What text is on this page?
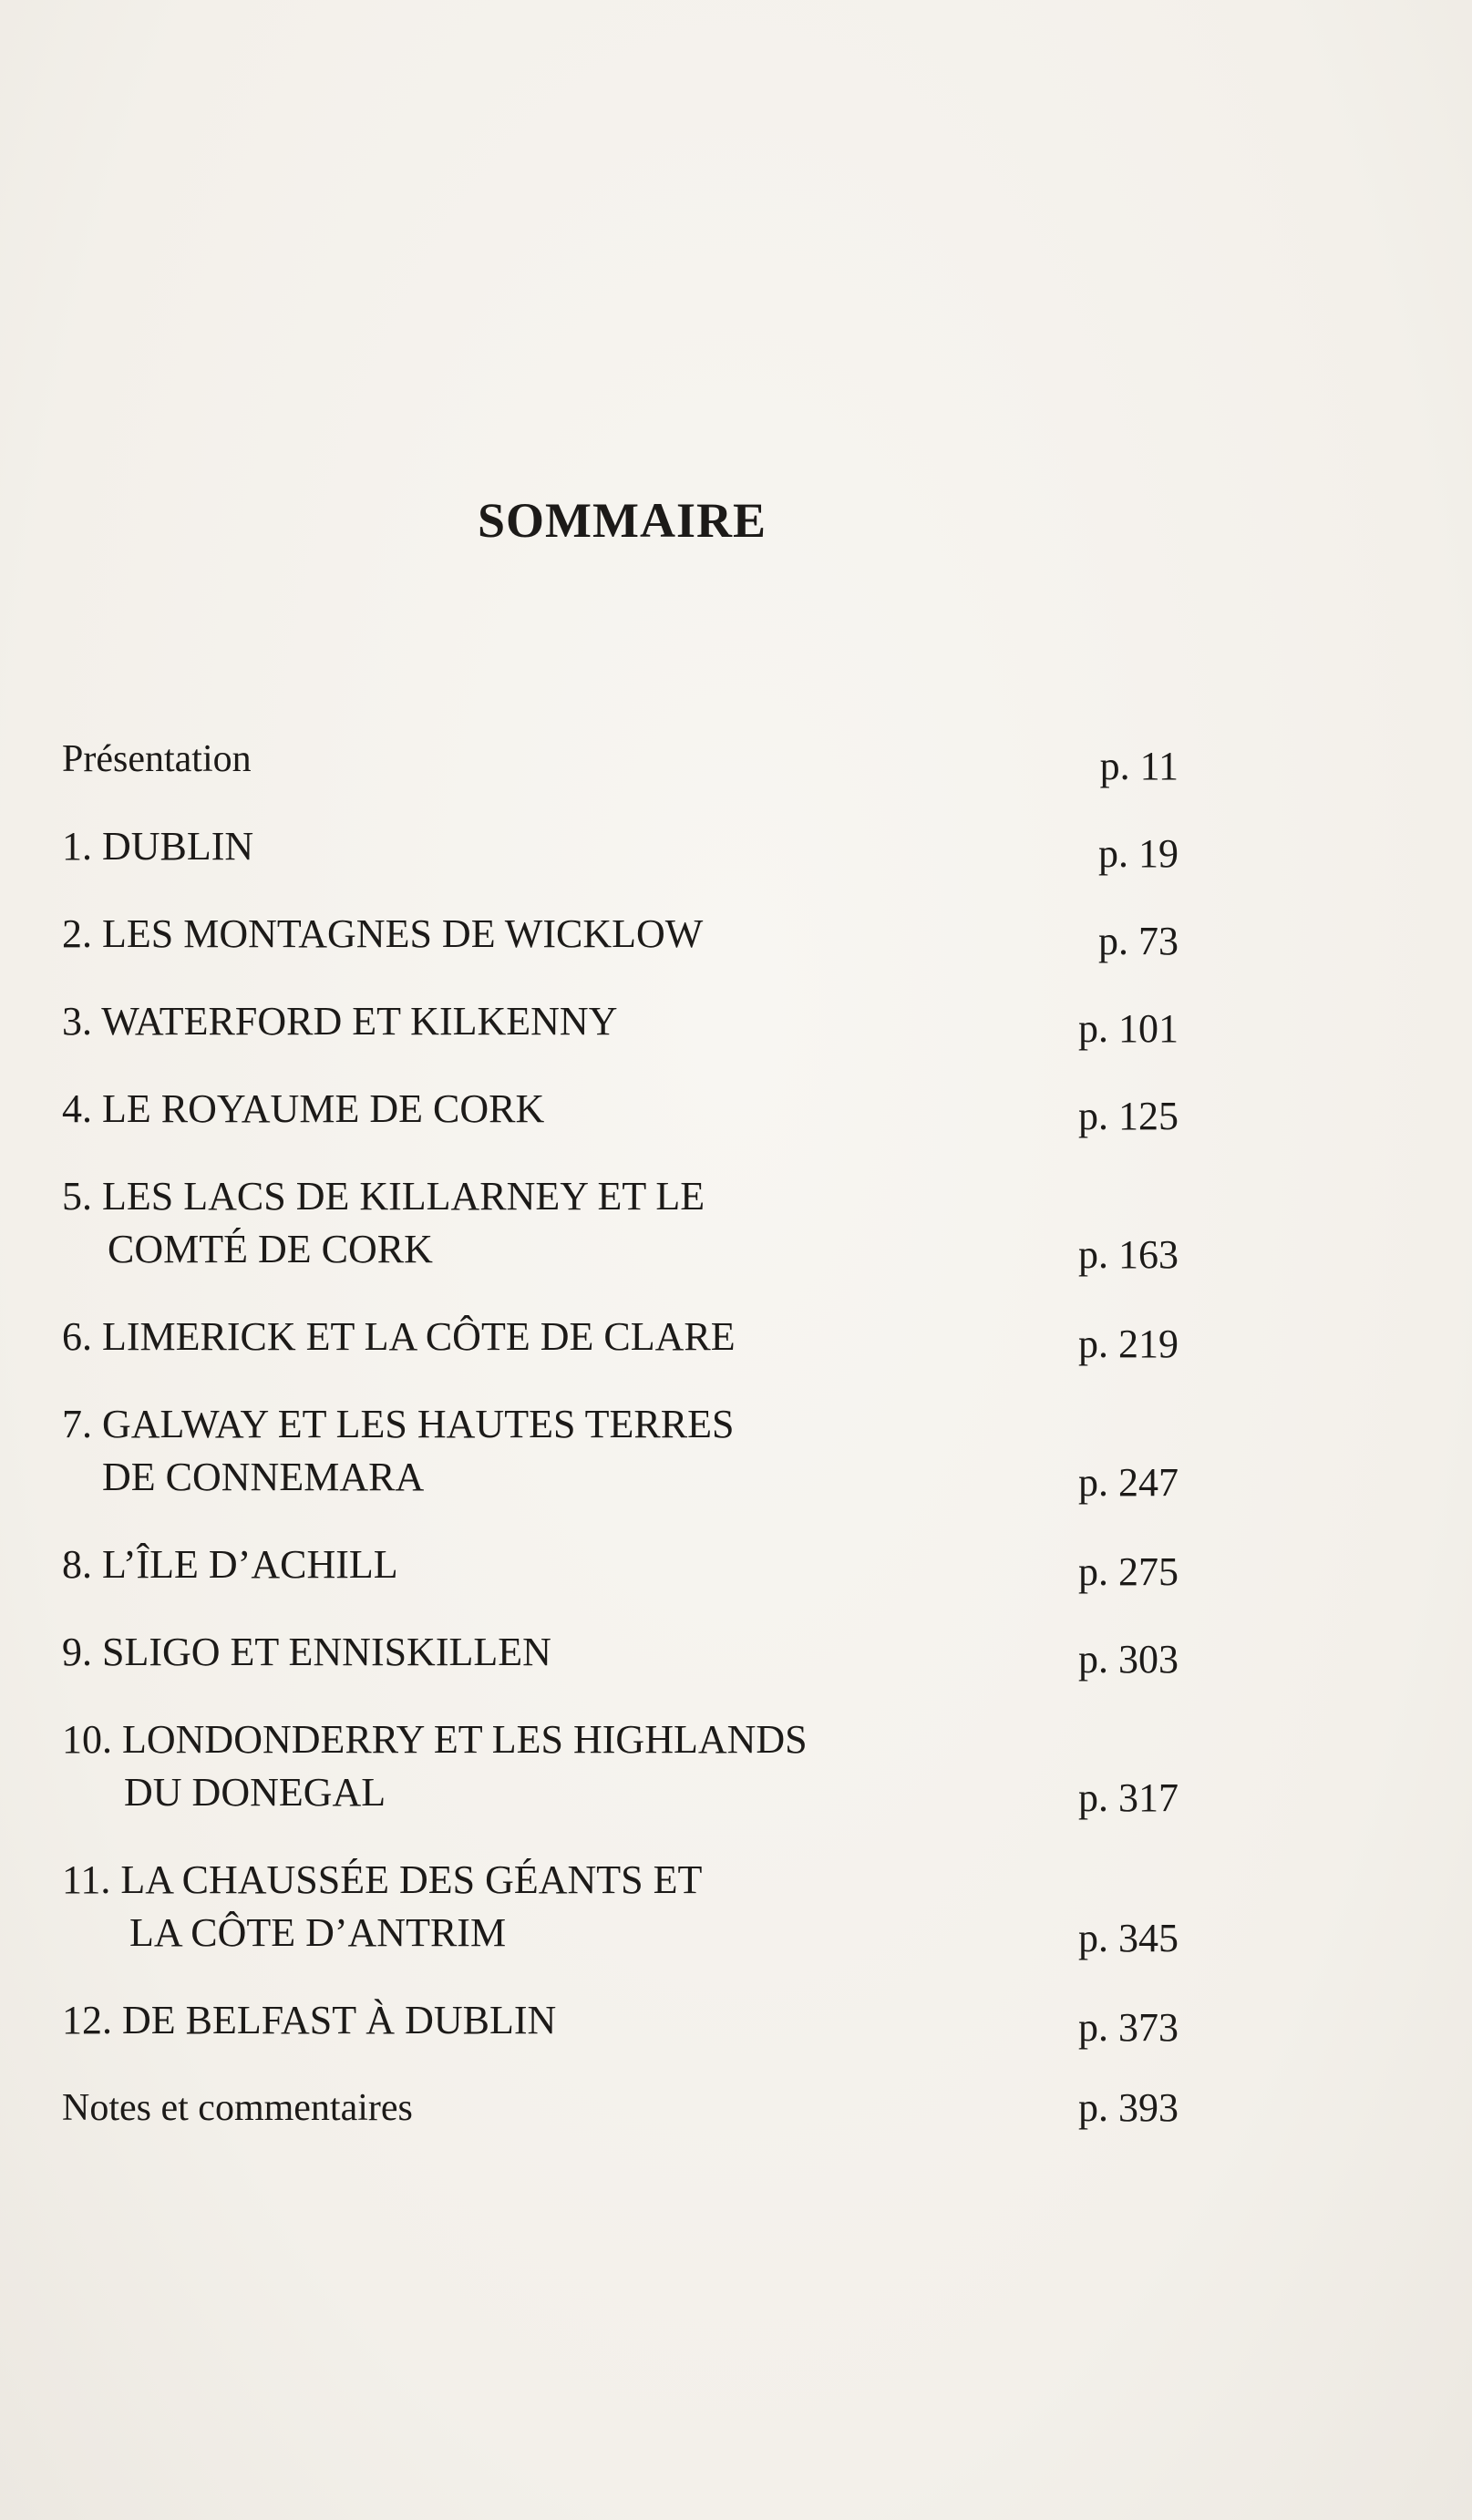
SOMMAIRE
Présentation	p. 11
1. DUBLIN	p. 19
2. LES MONTAGNES DE WICKLOW	p. 73
3. WATERFORD ET KILKENNY	p. 101
4. LE ROYAUME DE CORK	p. 125
5. LES LACS DE KILLARNEY ET LE
COMTÉ DE CORK	p. 163
6. LIMERICK ET LA CÔTE DE CLARE	p. 219
7. GALWAY ET LES HAUTES TERRES
DE CONNEMARA	p. 247
8. L’ÎLE D’ACHILL	p. 275
9. SLIGO ET ENNISKILLEN	p. 303
10. LONDONDERRY ET LES HIGHLANDS
DU DONEGAL	p. 317
11. LA CHAUSSÉE DES GÉANTS ET
LA CÔTE D’ANTRIM	p. 345
12. DE BELFAST À DUBLIN	p. 373
Notes et commentaires	p. 393
